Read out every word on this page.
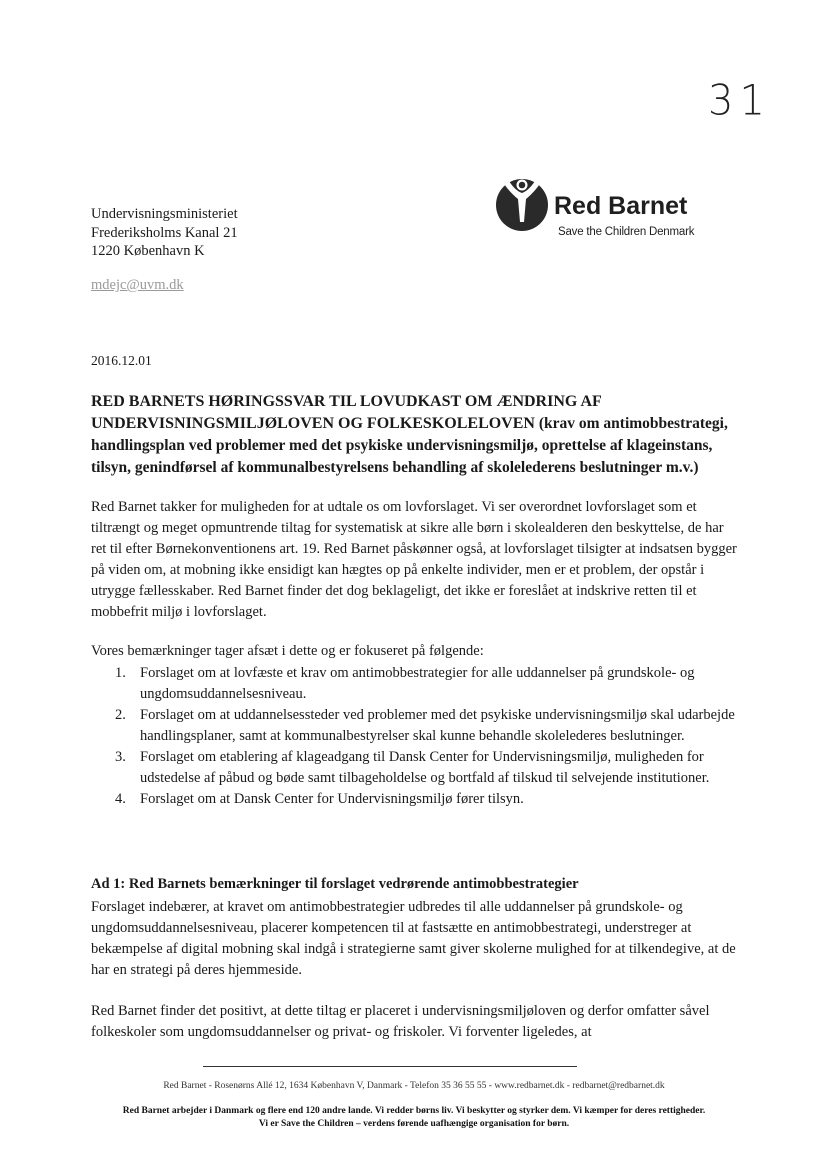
31
Red Barnet
Save the Children Denmark
Undervisningsministeriet
Frederiksholms Kanal 21
1220 København K
mdejc@uvm.dk
2016.12.01
RED BARNETS HØRINGSSVAR TIL LOVUDKAST OM ÆNDRING AF
UNDERVISNINGSMILJØLOVEN OG FOLKESKOLELOVEN (krav om antimobbestrategi, handlingsplan ved problemer med det psykiske undervisningsmiljø, oprettelse af klageinstans, tilsyn, genindførsel af kommunalbestyrelsens behandling af skolelederens beslutninger m.v.)
Red Barnet takker for muligheden for at udtale os om lovforslaget. Vi ser overordnet lovforslaget som et tiltrængt og meget opmuntrende tiltag for systematisk at sikre alle børn i skolealderen den beskyttelse, de har ret til efter Børnekonventionens art. 19. Red Barnet påskønner også, at lovforslaget tilsigter at indsatsen bygger på viden om, at mobning ikke ensidigt kan hægtes op på enkelte individer, men er et problem, der opstår i utrygge fællesskaber. Red Barnet finder det dog beklageligt, det ikke er foreslået at indskrive retten til et mobbefrit miljø i lovforslaget.
Vores bemærkninger tager afsæt i dette og er fokuseret på følgende:
1. Forslaget om at lovfæste et krav om antimobbestrategier for alle uddannelser på grundskole- og ungdomsuddannelsesniveau.
2. Forslaget om at uddannelsessteder ved problemer med det psykiske undervisningsmiljø skal udarbejde handlingsplaner, samt at kommunalbestyrelser skal kunne behandle skolelederes beslutninger.
3. Forslaget om etablering af klageadgang til Dansk Center for Undervisningsmiljø, muligheden for udstedelse af påbud og bøde samt tilbageholdelse og bortfald af tilskud til selvejende institutioner.
4. Forslaget om at Dansk Center for Undervisningsmiljø fører tilsyn.
Ad 1: Red Barnets bemærkninger til forslaget vedrørende antimobbestrategier
Forslaget indebærer, at kravet om antimobbestrategier udbredes til alle uddannelser på grundskole- og ungdomsuddannelsesniveau, placerer kompetencen til at fastsætte en antimobbestrategi, understreger at bekæmpelse af digital mobning skal indgå i strategierne samt giver skolerne mulighed for at tilkendegive, at de har en strategi på deres hjemmeside.
Red Barnet finder det positivt, at dette tiltag er placeret i undervisningsmiljøloven og derfor omfatter såvel folkeskoler som ungdomsuddannelser og privat- og friskoler. Vi forventer ligeledes, at
Red Barnet - Rosenørns Allé 12, 1634 København V, Danmark - Telefon 35 36 55 55 - www.redbarnet.dk - redbarnet@redbarnet.dk
Red Barnet arbejder i Danmark og flere end 120 andre lande. Vi redder børns liv. Vi beskytter og styrker dem. Vi kæmper for deres rettigheder.
Vi er Save the Children – verdens førende uafhængige organisation for børn.
